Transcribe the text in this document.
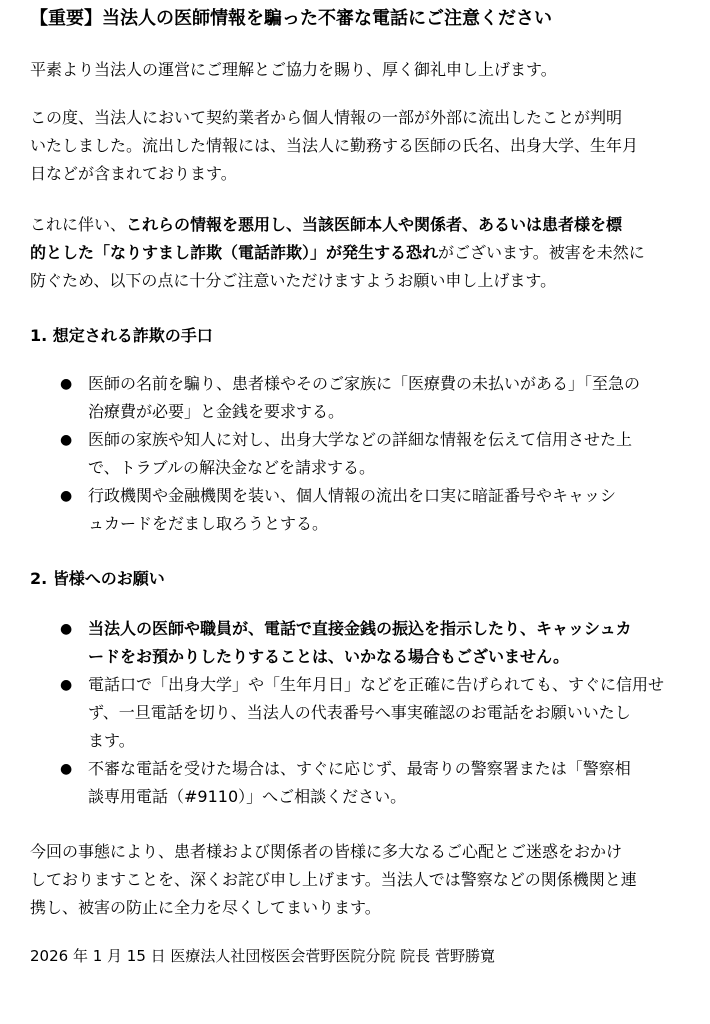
【重要】当法人の医師情報を騙った不審な電話にご注意ください
平素より当法人の運営にご理解とご協力を賜り、厚く御礼申し上げます。
この度、当法人において契約業者から個人情報の一部が外部に流出したことが判明
いたしました。流出した情報には、当法人に勤務する医師の氏名、出身大学、生年月
日などが含まれております。
これに伴い、これらの情報を悪用し、当該医師本人や関係者、あるいは患者様を標
的とした「なりすまし詐欺（電話詐欺）」が発生する恐れがございます。被害を未然に
防ぐため、以下の点に十分ご注意いただけますようお願い申し上げます。
1. 想定される詐欺の手口
● 医師の名前を騙り、患者様やそのご家族に「医療費の未払いがある」「至急の
治療費が必要」と金銭を要求する。
● 医師の家族や知人に対し、出身大学などの詳細な情報を伝えて信用させた上
で、トラブルの解決金などを請求する。
● 行政機関や金融機関を装い、個人情報の流出を口実に暗証番号やキャッシ
ュカードをだまし取ろうとする。
2. 皆様へのお願い
● 当法人の医師や職員が、電話で直接金銭の振込を指示したり、キャッシュカ
ードをお預かりしたりすることは、いかなる場合もございません。
● 電話口で「出身大学」や「生年月日」などを正確に告げられても、すぐに信用せ
ず、一旦電話を切り、当法人の代表番号へ事実確認のお電話をお願いいたし
ます。
● 不審な電話を受けた場合は、すぐに応じず、最寄りの警察署または「警察相
談専用電話（#9110）」へご相談ください。
今回の事態により、患者様および関係者の皆様に多大なるご心配とご迷惑をおかけ
しておりますことを、深くお詫び申し上げます。当法人では警察などの関係機関と連
携し、被害の防止に全力を尽くしてまいります。
2026 年 1 月 15 日 医療法人社団桜医会菅野医院分院 院長 菅野勝寛
